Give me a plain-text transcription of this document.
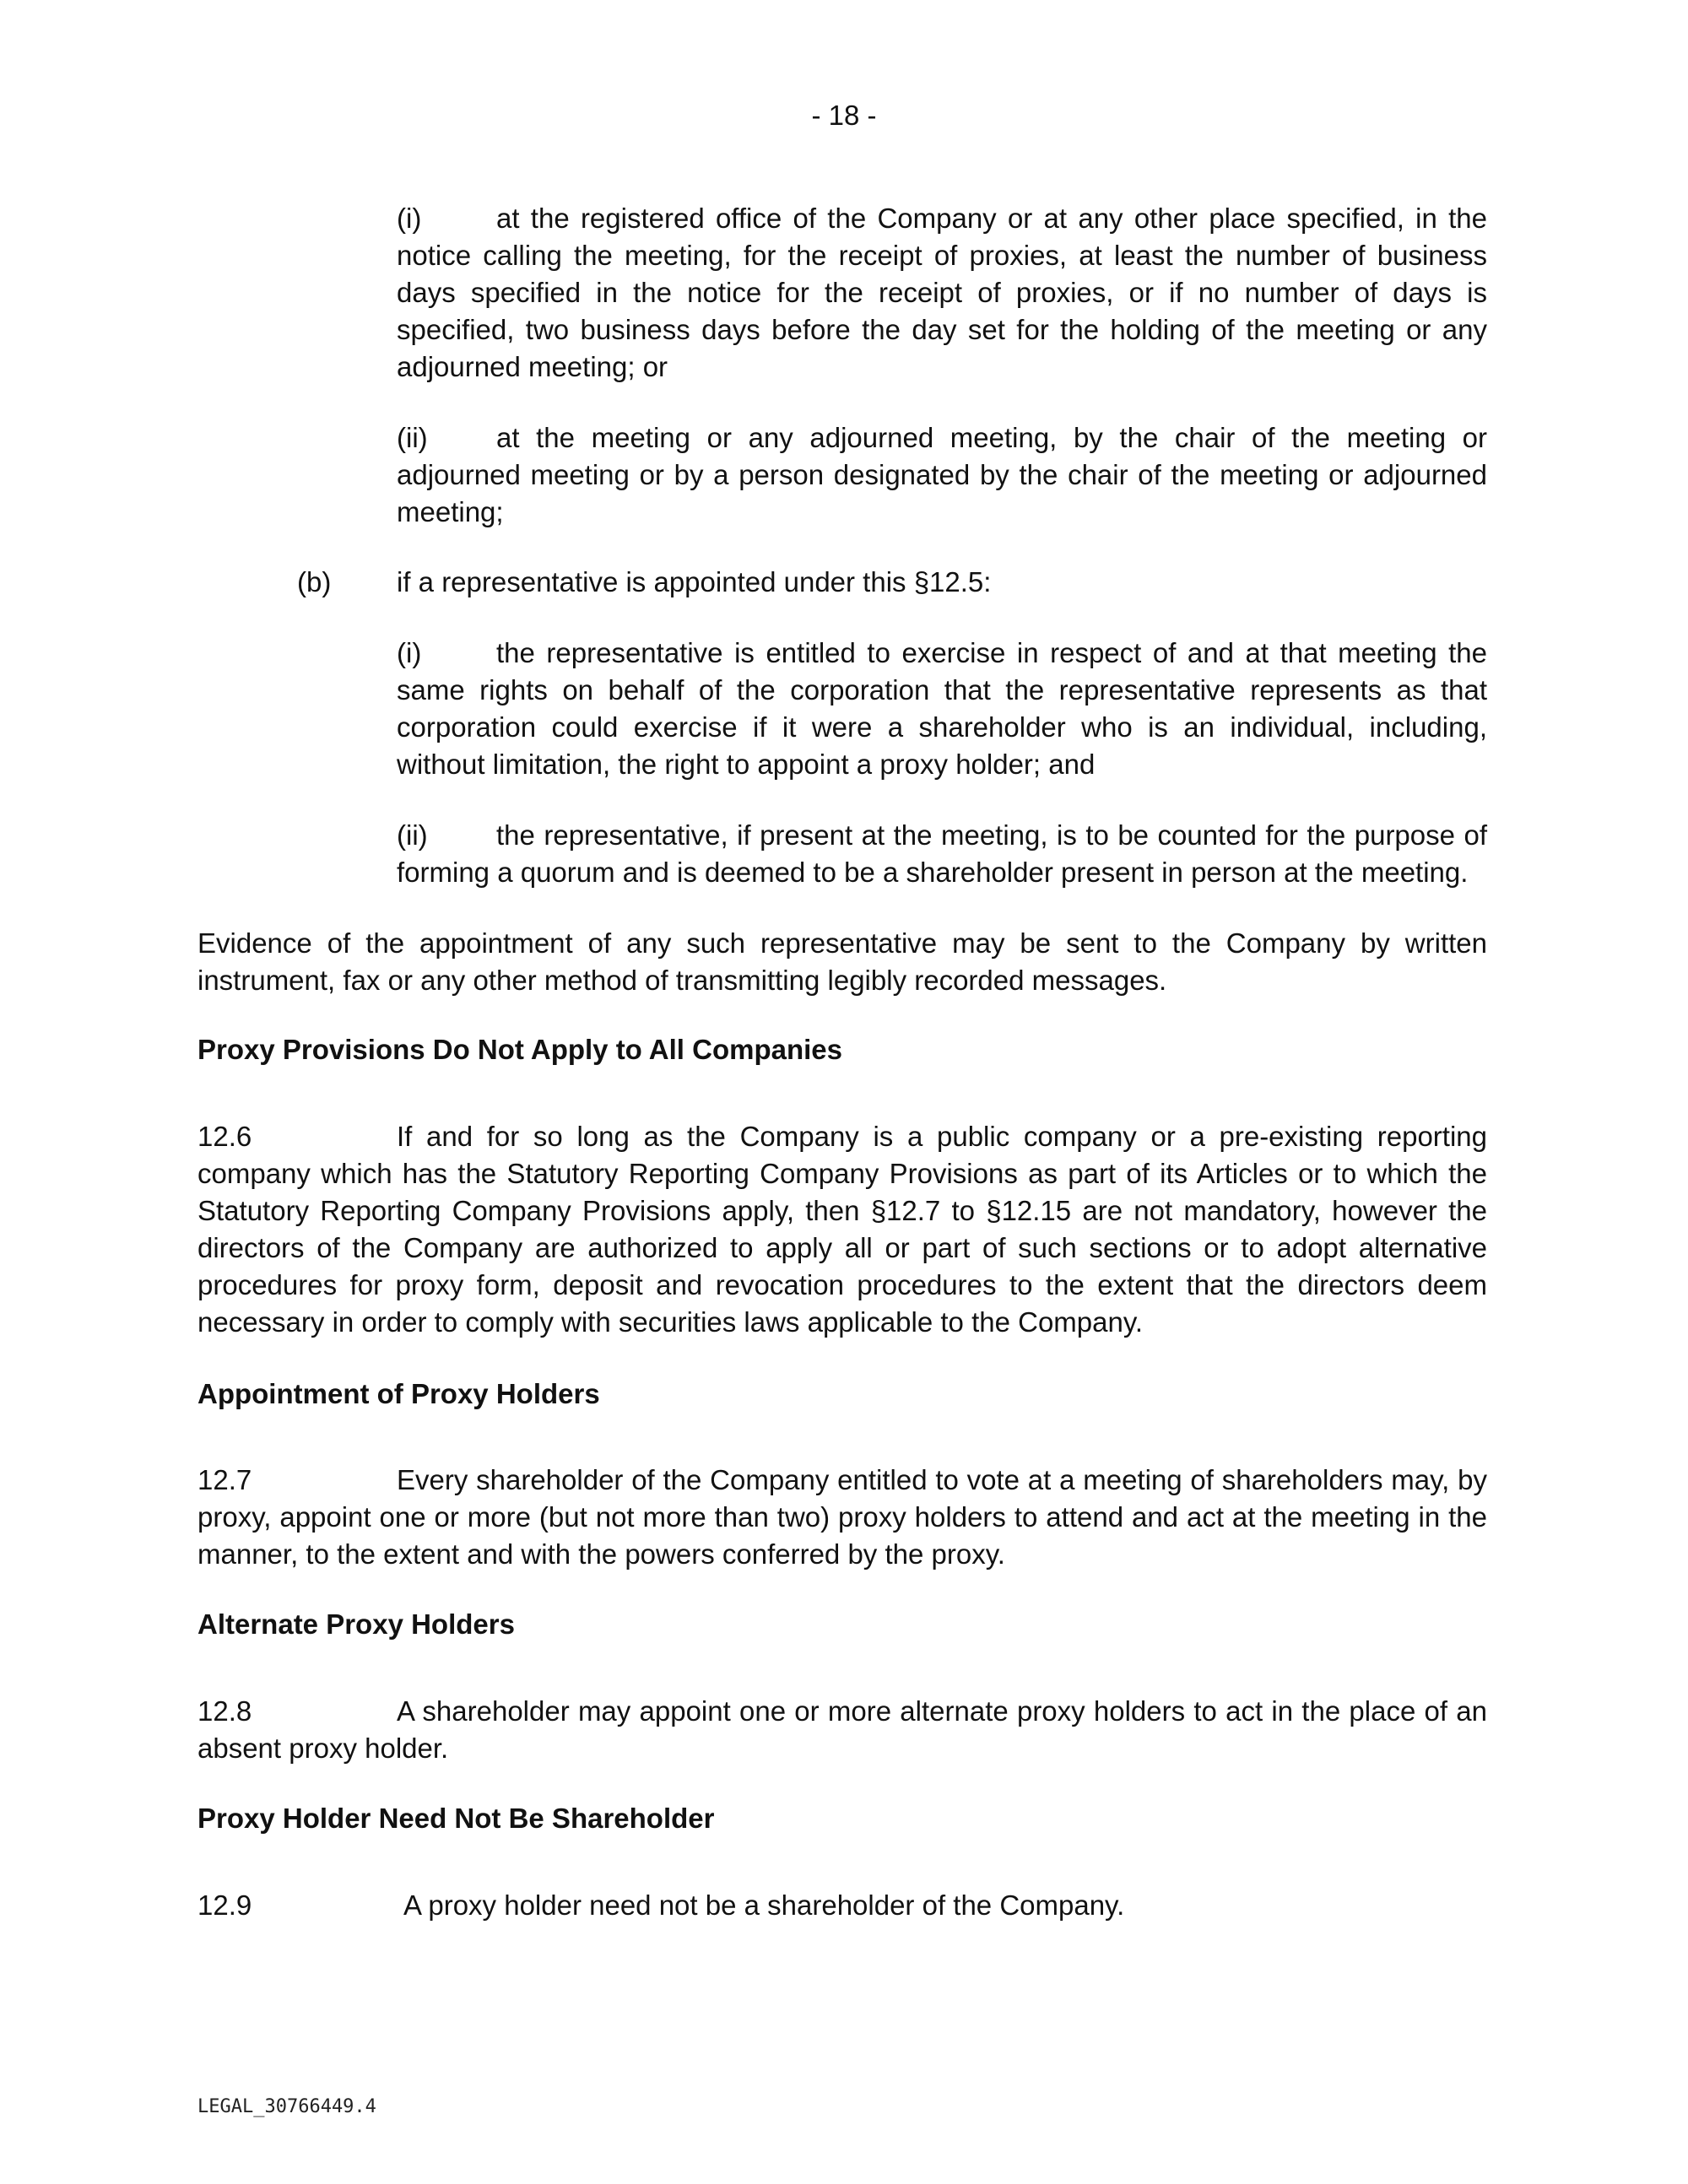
- 18 -
(i)	at the registered office of the Company or at any other place specified, in the notice calling the meeting, for the receipt of proxies, at least the number of business days specified in the notice for the receipt of proxies, or if no number of days is specified, two business days before the day set for the holding of the meeting or any adjourned meeting; or
(ii) at the meeting or any adjourned meeting, by the chair of the meeting or adjourned meeting or by a person designated by the chair of the meeting or adjourned meeting;
(b) if a representative is appointed under this §12.5:
(i)	the representative is entitled to exercise in respect of and at that meeting the same rights on behalf of the corporation that the representative represents as that corporation could exercise if it were a shareholder who is an individual, including, without limitation, the right to appoint a proxy holder; and
(ii) the representative, if present at the meeting, is to be counted for the purpose of forming a quorum and is deemed to be a shareholder present in person at the meeting.
Evidence of the appointment of any such representative may be sent to the Company by written instrument, fax or any other method of transmitting legibly recorded messages.
Proxy Provisions Do Not Apply to All Companies
If and for so long as the Company is a public company or a pre-existing reporting company which has the Statutory Reporting Company Provisions as part of its Articles or to which the Statutory Reporting Company Provisions apply, then §12.7 to §12.15 are not mandatory, however the directors of the Company are authorized to apply all or part of such sections or to adopt alternative procedures for proxy form, deposit and revocation procedures to the extent that the directors deem necessary in order to comply with securities laws applicable to the Company.
12.6
Appointment of Proxy Holders
Every shareholder of the Company entitled to vote at a meeting of shareholders may, by proxy, appoint one or more (but not more than two) proxy holders to attend and act at the meeting in the manner, to the extent and with the powers conferred by the proxy.
12.7
Alternate Proxy Holders
A shareholder may appoint one or more alternate proxy holders to act in the place of an absent proxy holder.
12.8
Proxy Holder Need Not Be Shareholder
A proxy holder need not be a shareholder of the Company.
12.9
LEGAL_30766449.4
